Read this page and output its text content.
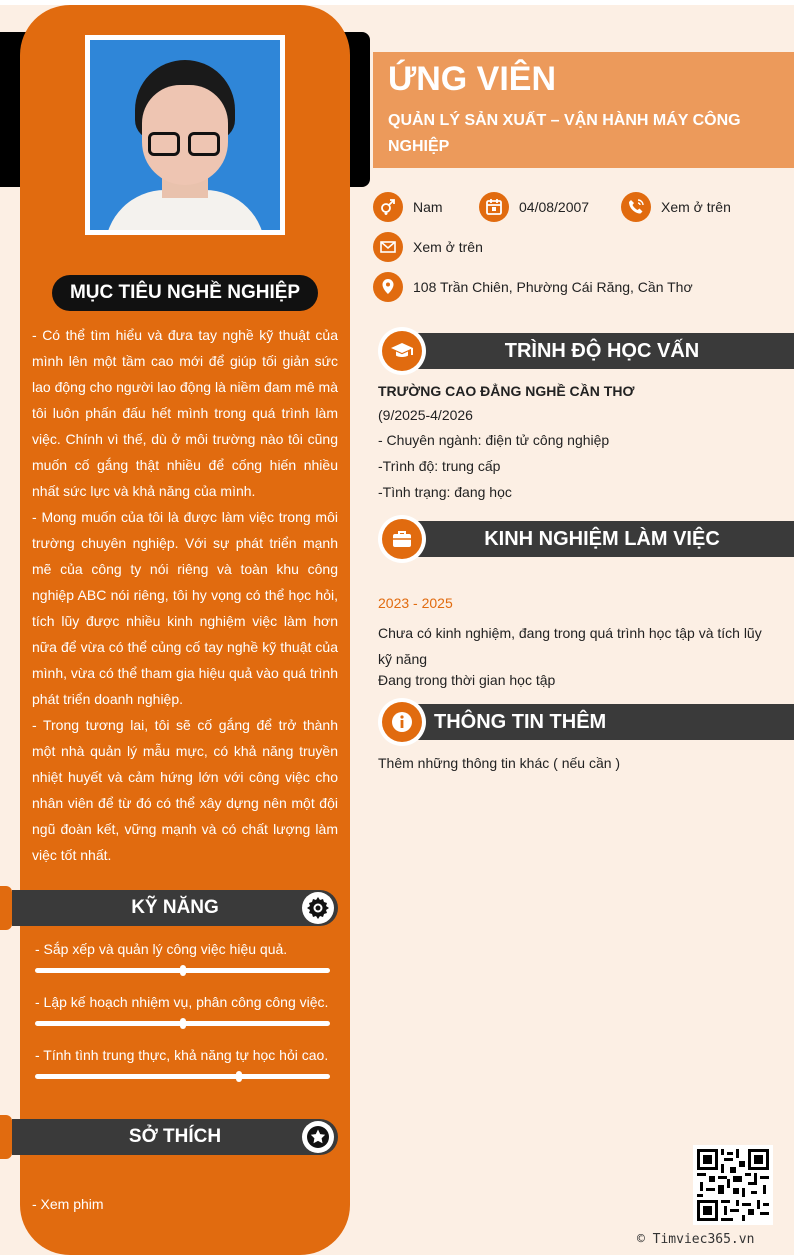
MỤC TIÊU NGHỀ NGHIỆP

- Có thể tìm hiểu và đưa tay nghề kỹ thuật của mình lên một tầm cao mới để giúp tối giản sức lao động cho người lao động là niềm đam mê mà tôi luôn phấn đấu hết mình trong quá trình làm việc. Chính vì thế, dù ở môi trường nào tôi cũng muốn cố gắng thật nhiều để cống hiến nhiều nhất sức lực và khả năng của mình.

- Mong muốn của tôi là được làm việc trong môi trường chuyên nghiệp. Với sự phát triển mạnh mẽ của công ty nói riêng và toàn khu công nghiệp ABC nói riêng, tôi hy vọng có thể học hỏi, tích lũy được nhiều kinh nghiệm việc làm hơn nữa để vừa có thể củng cố tay nghề kỹ thuật của mình, vừa có thể tham gia hiệu quả vào quá trình phát triển doanh nghiệp.

- Trong tương lai, tôi sẽ cố gắng để trở thành một nhà quản lý mẫu mực, có khả năng truyền nhiệt huyết và cảm hứng lớn với công việc cho nhân viên để từ đó có thể xây dựng nên một đội ngũ đoàn kết, vững mạnh và có chất lượng làm việc tốt nhất.

KỸ NĂNG
- Sắp xếp và quản lý công việc hiệu quả.
- Lập kế hoạch nhiệm vụ, phân công công việc.
- Tính tình trung thực, khả năng tự học hỏi cao.
SỞ THÍCH
- Xem phim
ỨNG VIÊN
QUẢN LÝ SẢN XUẤT – VẬN HÀNH MÁY CÔNG NGHIỆP
Nam	04/08/2007	Xem ở trên
Xem ở trên
108 Trần Chiên, Phường Cái Răng, Cần Thơ
TRÌNH ĐỘ HỌC VẤN
TRƯỜNG CAO ĐẲNG NGHỀ CẦN THƠ
(9/2025-4/2026
- Chuyên ngành: điện tử công nghiệp
-Trình độ: trung cấp
-Tình trạng: đang học
KINH NGHIỆM LÀM VIỆC
2023 - 2025
Chưa có kinh nghiệm, đang trong quá trình học tập và tích lũy kỹ năng
Đang trong thời gian học tập
THÔNG TIN THÊM
Thêm những thông tin khác ( nếu cần )
© Timviec365.vn
